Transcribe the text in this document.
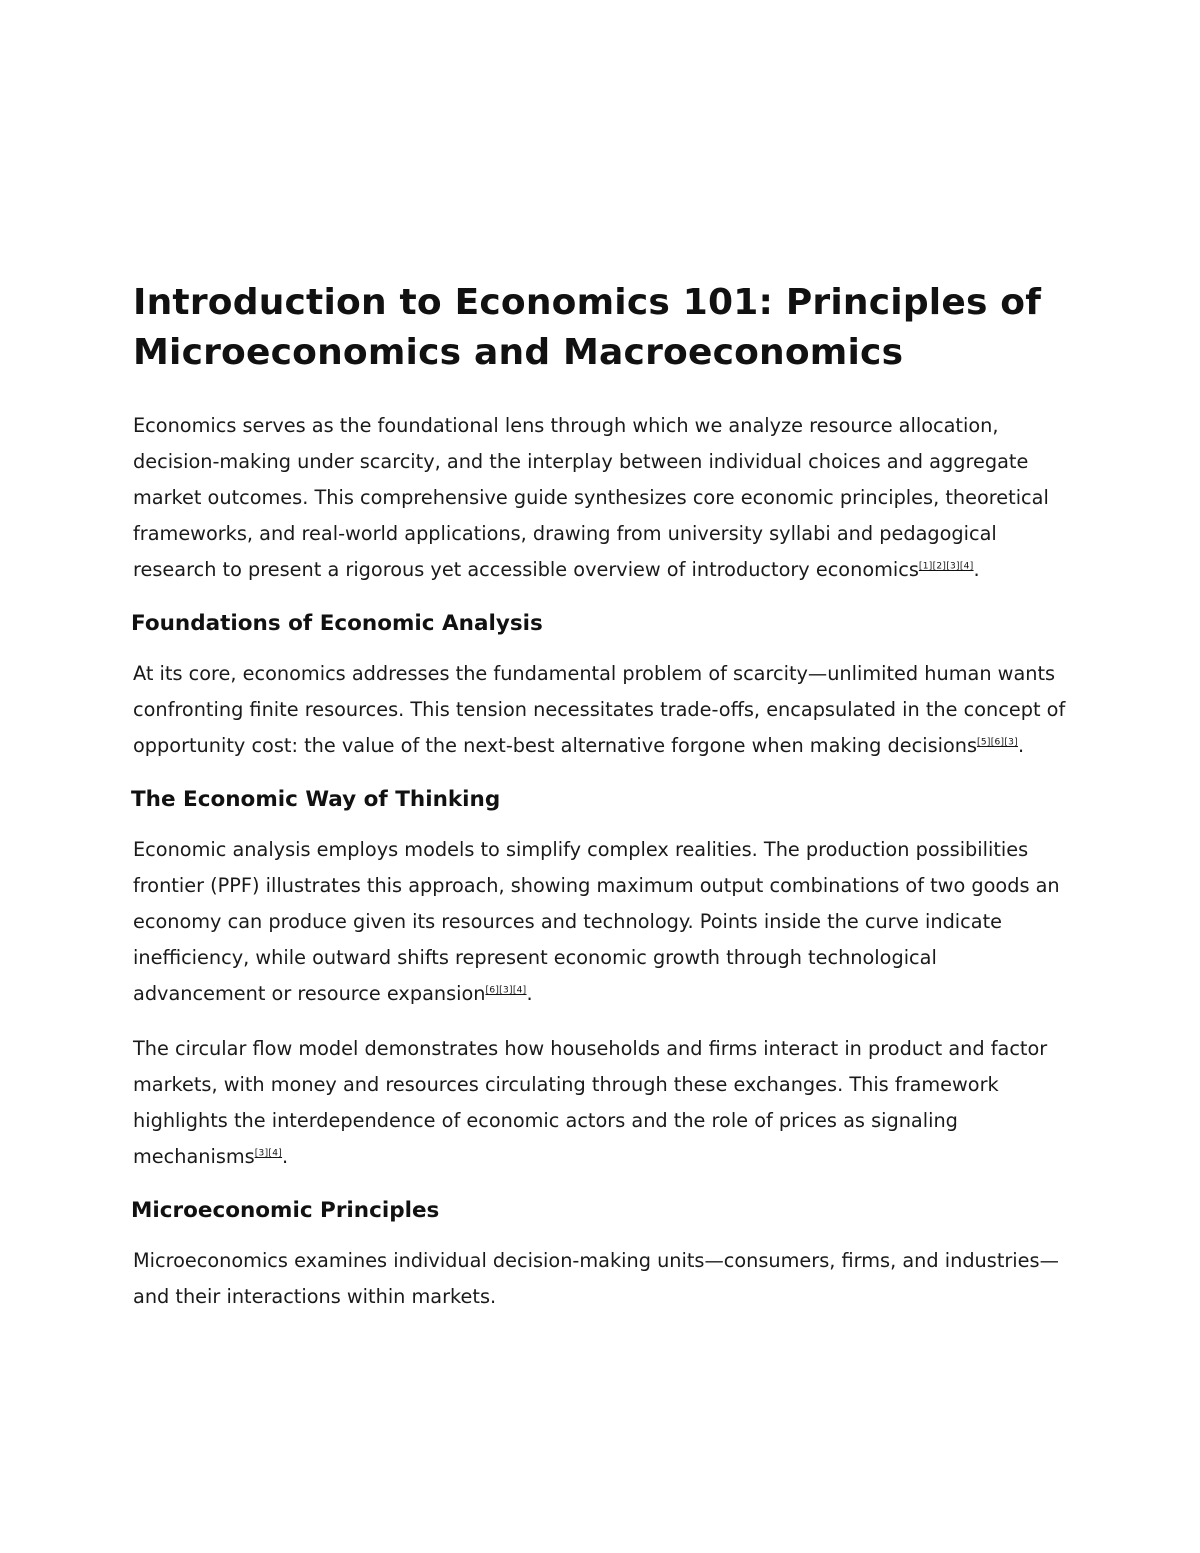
Introduction to Economics 101: Principles of Microeconomics and Macroeconomics

Economics serves as the foundational lens through which we analyze resource allocation, decision-making under scarcity, and the interplay between individual choices and aggregate market outcomes. This comprehensive guide synthesizes core economic principles, theoretical frameworks, and real-world applications, drawing from university syllabi and pedagogical research to present a rigorous yet accessible overview of introductory economics[1][2][3][4].

Foundations of Economic Analysis

At its core, economics addresses the fundamental problem of scarcity—unlimited human wants confronting finite resources. This tension necessitates trade-offs, encapsulated in the concept of opportunity cost: the value of the next-best alternative forgone when making decisions[5][6][3].

The Economic Way of Thinking

Economic analysis employs models to simplify complex realities. The production possibilities frontier (PPF) illustrates this approach, showing maximum output combinations of two goods an economy can produce given its resources and technology. Points inside the curve indicate inefficiency, while outward shifts represent economic growth through technological advancement or resource expansion[6][3][4].

The circular flow model demonstrates how households and firms interact in product and factor markets, with money and resources circulating through these exchanges. This framework highlights the interdependence of economic actors and the role of prices as signaling mechanisms[3][4].

Microeconomic Principles

Microeconomics examines individual decision-making units—consumers, firms, and industries—and their interactions within markets.
